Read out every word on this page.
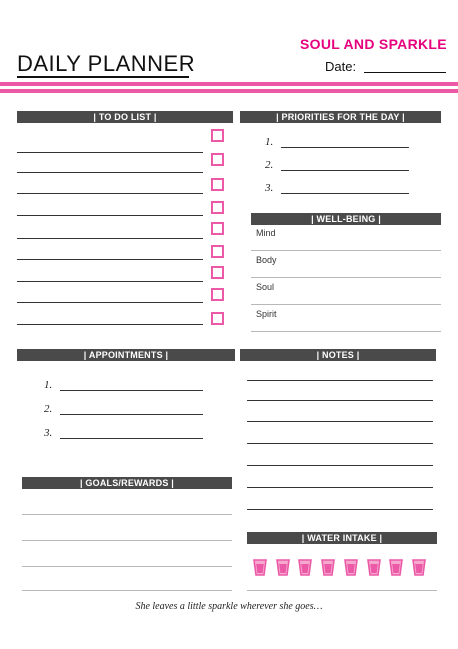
SOUL AND SPARKLE
DAILY PLANNER	Date:
| TO DO LIST |	| PRIORITIES FOR THE DAY |
1.
2.
3.
| WELL-BEING |
Mind
Body
Soul
Spirit
| APPOINTMENTS |
1.
2.
3.
| NOTES |
| GOALS/REWARDS |
| WATER INTAKE |
She leaves a little sparkle wherever she goes…
